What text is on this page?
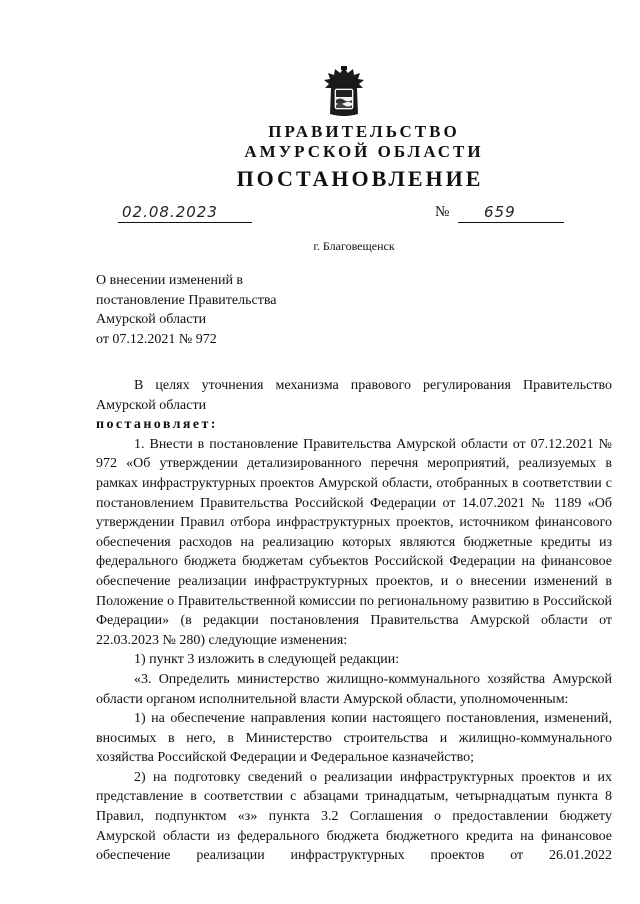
ПРАВИТЕЛЬСТВО
АМУРСКОЙ ОБЛАСТИ
ПОСТАНОВЛЕНИЕ
02.08.2023	№ 659
г. Благовещенск
О внесении изменений в
постановление Правительства
Амурской области
от 07.12.2021 № 972

В целях уточнения механизма правового регулирования Правительство Амурской области

постановляет:

1. Внести в постановление Правительства Амурской области от 07.12.2021 № 972 «Об утверждении детализированного перечня мероприятий, реализуемых в рамках инфраструктурных проектов Амурской области, отобранных в соответствии с постановлением Правительства Российской Федерации от 14.07.2021 № 1189 «Об утверждении Правил отбора инфраструктурных проектов, источником финансового обеспечения расходов на реализацию которых являются бюджетные кредиты из федерального бюджета бюджетам субъектов Российской Федерации на финансовое обеспечение реализации инфраструктурных проектов, и о внесении изменений в Положение о Правительственной комиссии по региональному развитию в Российской Федерации» (в редакции постановления Правительства Амурской области от 22.03.2023 № 280) следующие изменения:

1) пункт 3 изложить в следующей редакции:

«3. Определить министерство жилищно-коммунального хозяйства Амурской области органом исполнительной власти Амурской области, уполномоченным:

1) на обеспечение направления копии настоящего постановления, изменений, вносимых в него, в Министерство строительства и жилищно-коммунального хозяйства Российской Федерации и Федеральное казначейство;

2) на подготовку сведений о реализации инфраструктурных проектов и их представление в соответствии с абзацами тринадцатым, четырнадцатым пункта 8 Правил, подпунктом «з» пункта 3.2 Соглашения о предоставлении бюджету Амурской области из федерального бюджета бюджетного кредита на финансовое обеспечение реализации инфраструктурных проектов от 26.01.2022
